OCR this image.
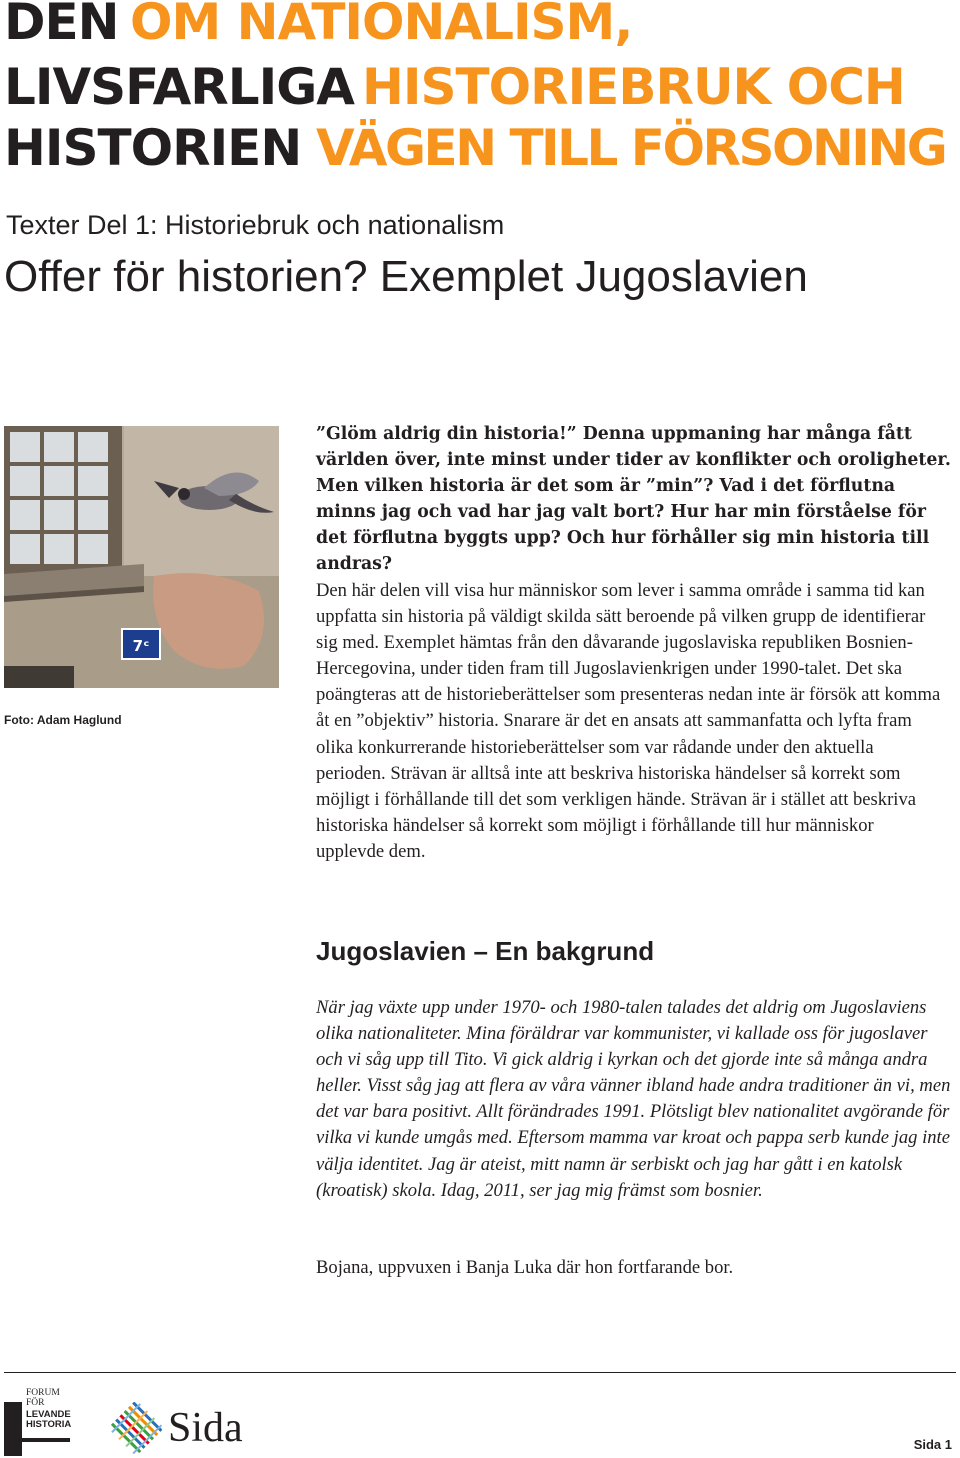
DEN OM NATIONALISM,
LIVSFARLIGA HISTORIEBRUK OCH
HISTORIEN VÄGEN TILL FÖRSONING
Texter Del 1: Historiebruk och nationalism
Offer för historien? Exemplet Jugoslavien
7ᶜ
Foto: Adam Haglund

”Glöm aldrig din historia!” Denna uppmaning har många fått världen över, inte minst under tider av konflikter och oroligheter. Men vilken historia är det som är ”min”? Vad i det förflutna minns jag och vad har jag valt bort? Hur har min förståelse för det förflutna byggts upp? Och hur förhåller sig min historia till andras?

Den här delen vill visa hur människor som lever i samma område i samma tid kan uppfatta sin historia på väldigt skilda sätt beroende på vilken grupp de identifierar sig med. Exemplet hämtas från den dåvarande jugoslaviska republiken Bosnien-Hercegovina, under tiden fram till Jugoslavienkrigen under 1990-talet. Det ska poängteras att de historieberättelser som presenteras nedan inte är försök att komma åt en ”objektiv” historia. Snarare är det en ansats att sammanfatta och lyfta fram olika konkurrerande historieberättelser som var rådande under den aktuella perioden. Strävan är alltså inte att beskriva historiska händelser så korrekt som möjligt i förhållande till det som verkligen hände. Strävan är i stället att beskriva historiska händelser så korrekt som möjligt i förhållande till hur människor upplevde dem.

Jugoslavien – En bakgrund

När jag växte upp under 1970- och 1980-talen talades det aldrig om Jugoslaviens olika nationaliteter. Mina föräldrar var kommunister, vi kallade oss för jugoslaver och vi såg upp till Tito. Vi gick aldrig i kyrkan och det gjorde inte så många andra heller. Visst såg jag att flera av våra vänner ibland hade andra traditioner än vi, men det var bara positivt. Allt förändrades 1991. Plötsligt blev nationalitet avgörande för vilka vi kunde umgås med. Eftersom mamma var kroat och pappa serb kunde jag inte välja identitet. Jag är ateist, mitt namn är serbiskt och jag har gått i en katolsk (kroatisk) skola. Idag, 2011, ser jag mig främst som bosnier.

Bojana, uppvuxen i Banja Luka där hon fortfarande bor.
FORUM
FÖR
LEVANDE
HISTORIA Sida	Sida 1
